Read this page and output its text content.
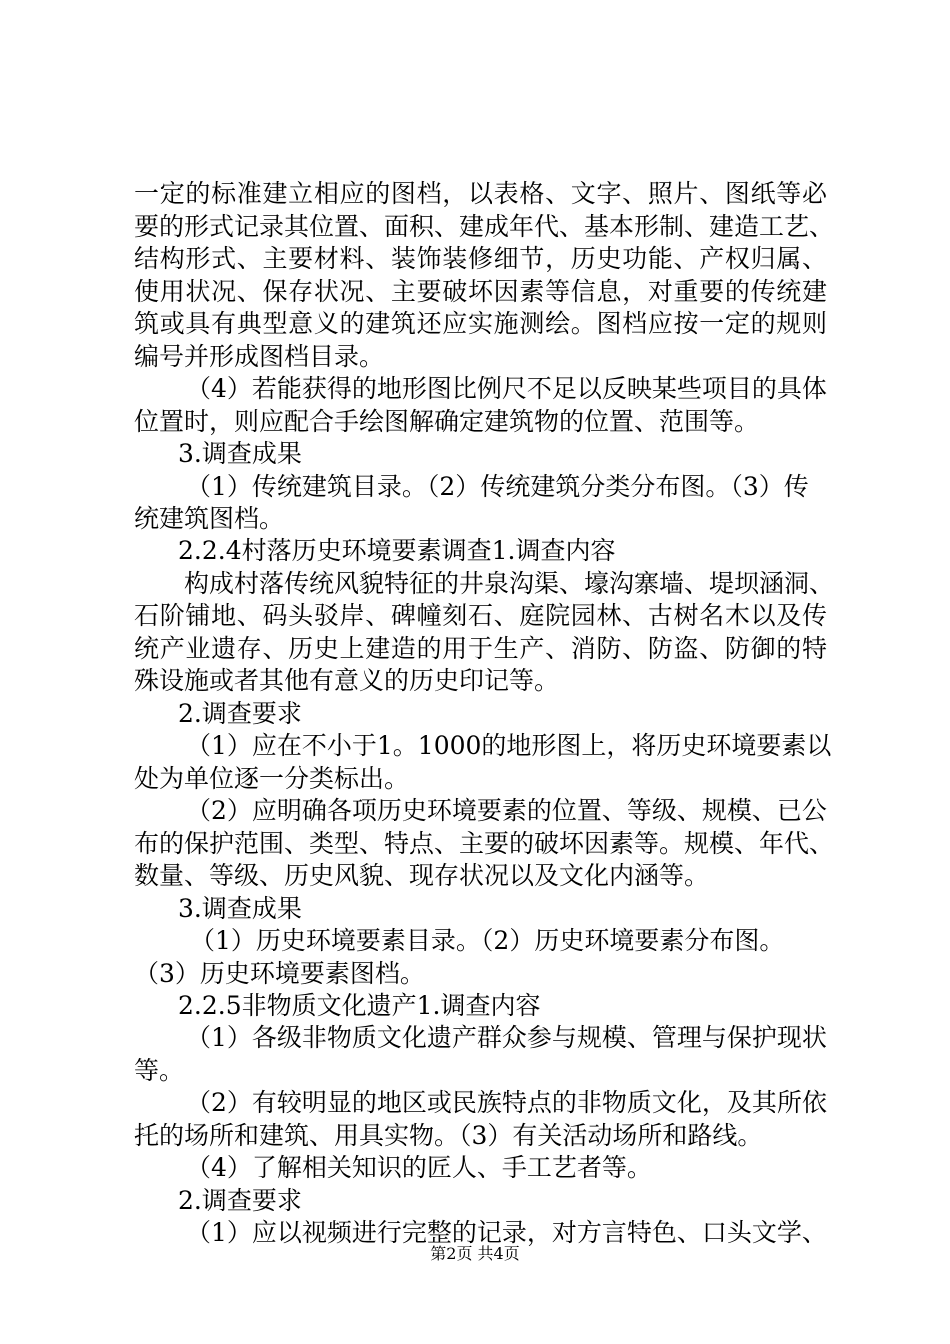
一定的标准建立相应的图档，以表格、文字、照片、图纸等必
要的形式记录其位置、面积、建成年代、基本形制、建造工艺、
结构形式、主要材料、装饰装修细节，历史功能、产权归属、
使用状况、保存状况、主要破坏因素等信息，对重要的传统建
筑或具有典型意义的建筑还应实施测绘。图档应按一定的规则
编号并形成图档目录。
（4）若能获得的地形图比例尺不足以反映某些项目的具体
位置时，则应配合手绘图解确定建筑物的位置、范围等。
3.调查成果
（1）传统建筑目录。（2）传统建筑分类分布图。（3）传
统建筑图档。
2.2.4村落历史环境要素调查1.调查内容
构成村落传统风貌特征的井泉沟渠、壕沟寨墙、堤坝涵洞、
石阶铺地、码头驳岸、碑幢刻石、庭院园林、古树名木以及传
统产业遗存、历史上建造的用于生产、消防、防盗、防御的特
殊设施或者其他有意义的历史印记等。
2.调查要求
（1）应在不小于1。1000的地形图上，将历史环境要素以
处为单位逐一分类标出。
（2）应明确各项历史环境要素的位置、等级、规模、已公
布的保护范围、类型、特点、主要的破坏因素等。规模、年代、
数量、等级、历史风貌、现存状况以及文化内涵等。
3.调查成果
（1）历史环境要素目录。（2）历史环境要素分布图。
（3）历史环境要素图档。
2.2.5非物质文化遗产1.调查内容
（1）各级非物质文化遗产群众参与规模、管理与保护现状
等。
（2）有较明显的地区或民族特点的非物质文化，及其所依
托的场所和建筑、用具实物。（3）有关活动场所和路线。
（4）了解相关知识的匠人、手工艺者等。
2.调查要求
（1）应以视频进行完整的记录，对方言特色、口头文学、
第2页 共4页
